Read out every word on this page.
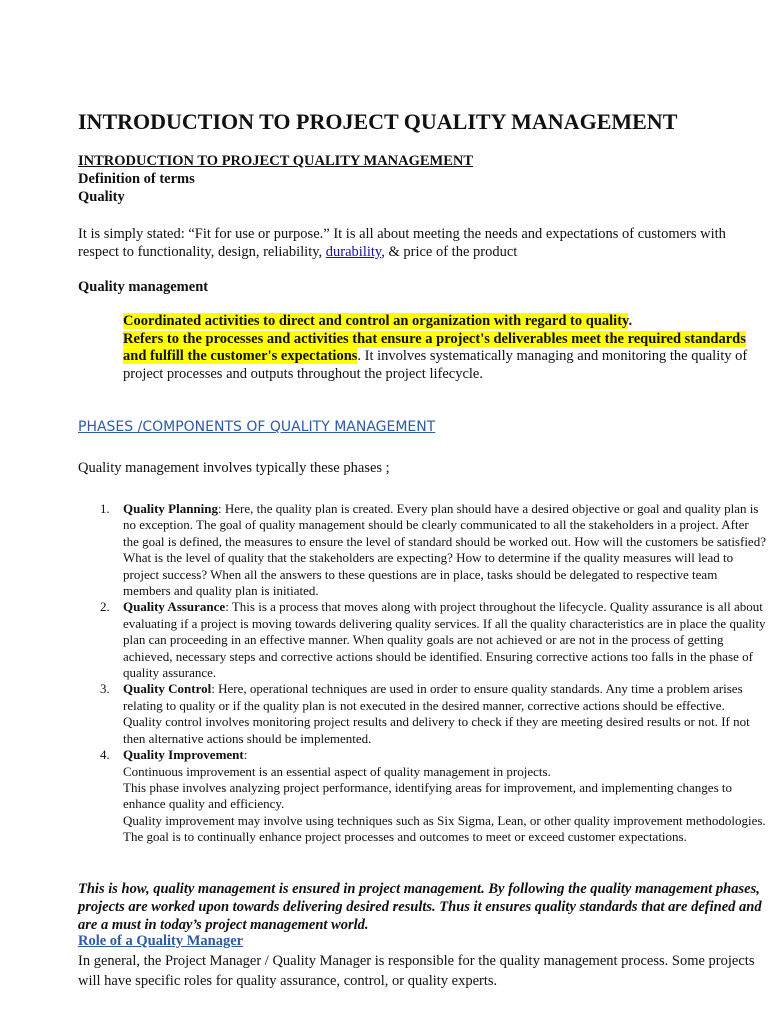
INTRODUCTION TO PROJECT QUALITY MANAGEMENT

INTRODUCTION TO PROJECT QUALITY MANAGEMENT

Definition of terms

Quality

It is simply stated: “Fit for use or purpose.” It is all about meeting the needs and expectations of customers with respect to functionality, design, reliability, durability, & price of the product

Quality management

Coordinated activities to direct and control an organization with regard to quality.
Refers to the processes and activities that ensure a project's deliverables meet the required standards and fulfill the customer's expectations. It involves systematically managing and monitoring the quality of project processes and outputs throughout the project lifecycle.

PHASES /COMPONENTS OF QUALITY MANAGEMENT

Quality management involves typically these phases ;

1. Quality Planning: Here, the quality plan is created. Every plan should have a desired objective or goal and quality plan is no exception. The goal of quality management should be clearly communicated to all the stakeholders in a project. After the goal is defined, the measures to ensure the level of standard should be worked out. How will the customers be satisfied? What is the level of quality that the stakeholders are expecting? How to determine if the quality measures will lead to project success? When all the answers to these questions are in place, tasks should be delegated to respective team members and quality plan is initiated.
2. Quality Assurance: This is a process that moves along with project throughout the lifecycle. Quality assurance is all about evaluating if a project is moving towards delivering quality services. If all the quality characteristics are in place the quality plan can proceeding in an effective manner. When quality goals are not achieved or are not in the process of getting achieved, necessary steps and corrective actions should be identified. Ensuring corrective actions too falls in the phase of quality assurance.
3. Quality Control: Here, operational techniques are used in order to ensure quality standards. Any time a problem arises relating to quality or if the quality plan is not executed in the desired manner, corrective actions should be effective. Quality control involves monitoring project results and delivery to check if they are meeting desired results or not. If not then alternative actions should be implemented.
4. Quality Improvement:
Continuous improvement is an essential aspect of quality management in projects.
This phase involves analyzing project performance, identifying areas for improvement, and implementing changes to enhance quality and efficiency.
Quality improvement may involve using techniques such as Six Sigma, Lean, or other quality improvement methodologies.
The goal is to continually enhance project processes and outcomes to meet or exceed customer expectations.

This is how, quality management is ensured in project management. By following the quality management phases, projects are worked upon towards delivering desired results. Thus it ensures quality standards that are defined and are a must in today’s project management world.

Role of a Quality Manager

In general, the Project Manager / Quality Manager is responsible for the quality management process. Some projects will have specific roles for quality assurance, control, or quality experts.
